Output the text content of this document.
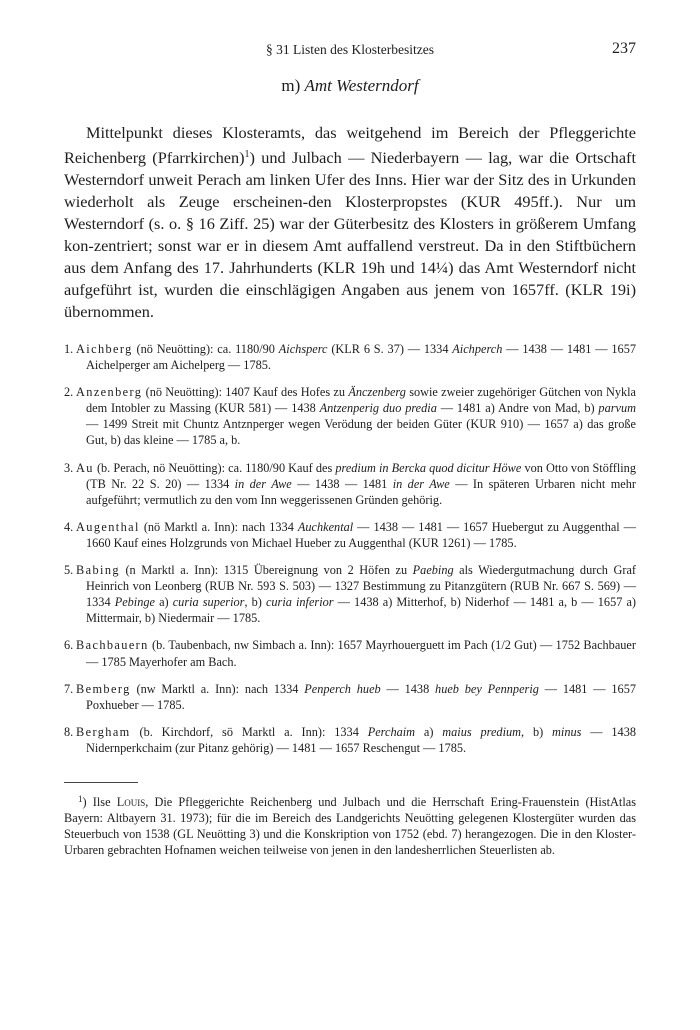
§ 31 Listen des Klosterbesitzes	237
m) Amt Westerndorf

Mittelpunkt dieses Klosteramts, das weitgehend im Bereich der Pfleggerichte Reichenberg (Pfarrkirchen)$^1$) und Julbach — Niederbayern — lag, war die Ortschaft Westerndorf unweit Perach am linken Ufer des Inns. Hier war der Sitz des in Urkunden wiederholt als Zeuge erscheinen-den Klosterpropstes (KUR 495ff.). Nur um Westerndorf (s. o. § 16 Ziff. 25) war der Güterbesitz des Klosters in größerem Umfang kon-zentriert; sonst war er in diesem Amt auffallend verstreut. Da in den Stiftbüchern aus dem Anfang des 17. Jahrhunderts (KLR 19h und 14¼) das Amt Westerndorf nicht aufgeführt ist, wurden die einschlägigen Angaben aus jenem von 1657ff. (KLR 19i) übernommen.

1. Aichberg (nö Neuötting): ca. 1180/90 Aichsperc (KLR 6 S. 37) — 1334 Aichperch — 1438 — 1481 — 1657 Aichelperger am Aichelperg — 1785.
2. Anzenberg (nö Neuötting): 1407 Kauf des Hofes zu Änczenberg sowie zweier zugehöriger Gütchen von Nykla dem Intobler zu Massing (KUR 581) — 1438 Antzenperig duo predia — 1481 a) Andre von Mad, b) parvum — 1499 Streit mit Chuntz Antznperger wegen Verödung der beiden Güter (KUR 910) — 1657 a) das große Gut, b) das kleine — 1785 a, b.
3. Au (b. Perach, nö Neuötting): ca. 1180/90 Kauf des predium in Bercka quod dicitur Höwe von Otto von Stöffling (TB Nr. 22 S. 20) — 1334 in der Awe — 1438 — 1481 in der Awe — In späteren Urbaren nicht mehr aufgeführt; vermutlich zu den vom Inn weggerissenen Gründen gehörig.
4. Augenthal (nö Marktl a. Inn): nach 1334 Auchkental — 1438 — 1481 — 1657 Huebergut zu Auggenthal — 1660 Kauf eines Holzgrunds von Michael Hueber zu Auggenthal (KUR 1261) — 1785.
5. Babing (n Marktl a. Inn): 1315 Übereignung von 2 Höfen zu Paebing als Wiedergutmachung durch Graf Heinrich von Leonberg (RUB Nr. 593 S. 503) — 1327 Bestimmung zu Pitanzgütern (RUB Nr. 667 S. 569) — 1334 Pebinge a) curia superior, b) curia inferior — 1438 a) Mitterhof, b) Niderhof — 1481 a, b — 1657 a) Mittermair, b) Niedermair — 1785.
6. Bachbauern (b. Taubenbach, nw Simbach a. Inn): 1657 Mayrhouerguett im Pach (1/2 Gut) — 1752 Bachbauer — 1785 Mayerhofer am Bach.
7. Bemberg (nw Marktl a. Inn): nach 1334 Penperch hueb — 1438 hueb bey Pennperig — 1481 — 1657 Poxhueber — 1785.
8. Bergham (b. Kirchdorf, sö Marktl a. Inn): 1334 Perchaim a) maius predium, b) minus — 1438 Nidernperkchaim (zur Pitanz gehörig) — 1481 — 1657 Reschengut — 1785.

$^1$) Ilse Louis, Die Pfleggerichte Reichenberg und Julbach und die Herrschaft Ering-Frauenstein (HistAtlas Bayern: Altbayern 31. 1973); für die im Bereich des Landgerichts Neuötting gelegenen Klostergüter wurden das Steuerbuch von 1538 (GL Neuötting 3) und die Konskription von 1752 (ebd. 7) herangezogen. Die in den Kloster-Urbaren gebrachten Hofnamen weichen teilweise von jenen in den landesherrlichen Steuerlisten ab.
